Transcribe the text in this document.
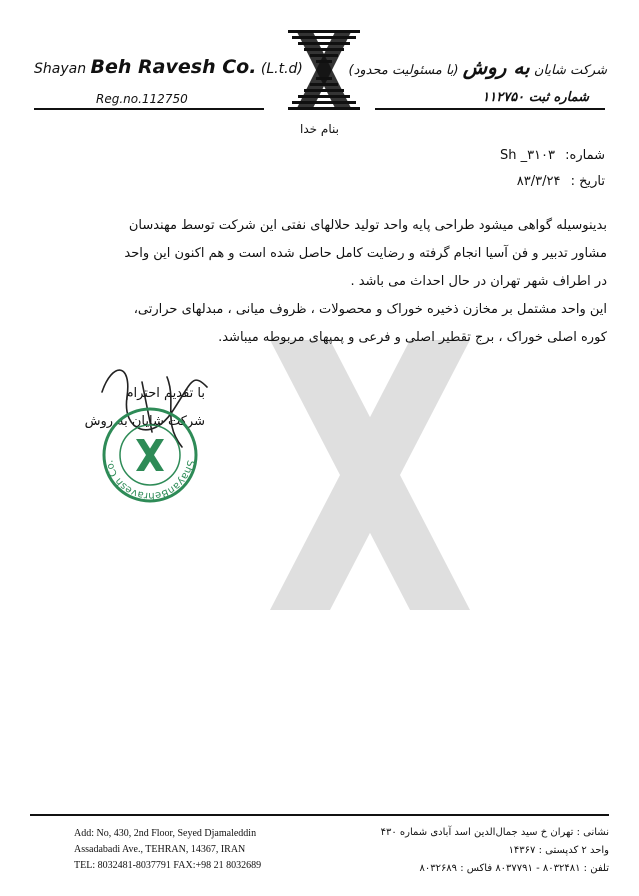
Shayan Beh Ravesh Co. (L.t.d)	شرکت شایان به روش (با مسئولیت محدود)
Reg.no.112750	شماره ثبت ۱۱۲۷۵۰
بنام خدا
شماره: Sh _۳۱۰۳
تاریخ : ۸۳/۳/۲۴

بدینوسیله گواهی میشود طراحی پایه واحد تولید حلالهای نفتی این شرکت توسط مهندسان

مشاور تدبیر و فن آسیا انجام گرفته و رضایت کامل حاصل شده است و هم اکنون این واحد

در اطراف شهر تهران در حال احداث می باشد .

این واحد مشتمل بر مخازن ذخیره خوراک و محصولات ، ظروف میانی ، مبدلهای حرارتی،

کوره اصلی خوراک ، برج تقطیر اصلی و فرعی و پمپهای مربوطه میباشد.

با تقدیم احترام
شرکت شایان به روش
ShayanBehravesh Co.
Add: No, 430, 2nd Floor, Seyed Djamaleddin
Assadabadi Ave., TEHRAN, 14367, IRAN
TEL: 8032481-8037791 FAX:+98 21 8032689
نشانی : تهران خ سید جمال‌الدین اسد آبادی شماره ۴۳۰
واحد ۲ کدپستی : ۱۴۳۶۷
تلفن : ۸۰۳۲۴۸۱ - ۸۰۳۷۷۹۱ فاکس : ۸۰۳۲۶۸۹
